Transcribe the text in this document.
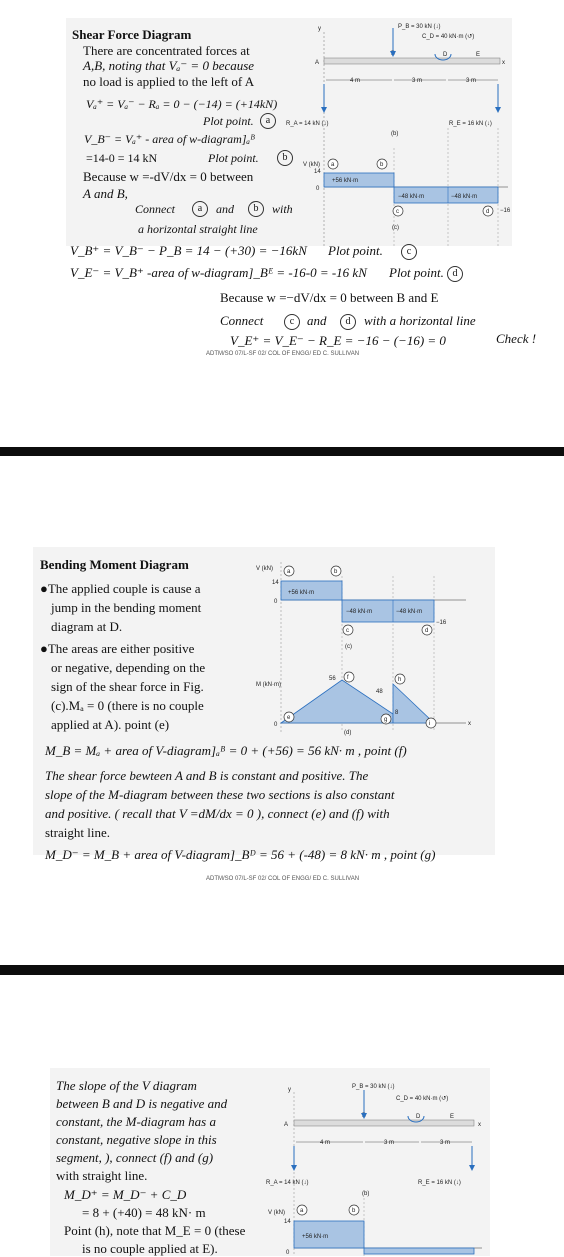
Shear Force Diagram
There are concentrated forces at
A,B, noting that Vₐ⁻ = 0 because
no load is applied to the left of A
Vₐ⁺ = Vₐ⁻ − Rₐ = 0 − (−14) = (+14kN)
Plot point.	a
V_B⁻ = Vₐ⁺ - area of w-diagram]ₐᴮ
=14-0 = 14 kN	Plot point.	b
Because w =-dV/dx = 0 between
A and B,
Connect	a	and	b	with
a horizontal straight line
y
A
D	E
x
P_B = 30 kN (↓)
C_D = 40 kN·m (↺)
4 m	3 m	3 m
R_A = 14 kN (↓)	R_E = 16 kN (↓)
(b)
V (kN)
14
0
+56 kN·m
−48 kN·m	−48 kN·m
−16
a	b
c	d
(c)
V_B⁺ = V_B⁻ − P_B = 14 − (+30) = −16kN Plot point.	c
V_E⁻ = V_B⁺ -area of w-diagram]_Bᴱ = -16-0 = -16 kN Plot point. d
Because w =−dV/dx = 0 between B and E
Connect	c and	d	with a horizontal line
V_E⁺ = V_E⁻ − R_E = −16 − (−16) = 0	Check !
ADTM/SO 07/L-SF 02/ COL OF ENGG/ ED C. SULLIVAN
Bending Moment Diagram
●The applied couple is cause a
jump in the bending moment
diagram at D.
●The areas are either positive
or negative, depending on the
sign of the shear force in Fig.
(c).Mₐ = 0 (there is no couple
applied at A). point (e)
V (kN)
14
0
+56 kN·m
−48 kN·m	−48 kN·m
−16
a	b
c	d
(c)
M (kN·m)
x
0
56
48
8
e
f
g
h
i
(d)
M_B = Mₐ + area of V-diagram]ₐᴮ = 0 + (+56) = 56 kN· m , point (f)
The shear force bewteen A and B is constant and positive. The
slope of the M-diagram between these two sections is also constant
and positive. ( recall that V =dM/dx = 0 ), connect (e) and (f) with
straight line.
M_D⁻ = M_B + area of V-diagram]_Bᴰ = 56 + (-48) = 8 kN· m , point (g)
ADTM/SO 07/L-SF 02/ COL OF ENGG/ ED C. SULLIVAN
The slope of the V diagram
between B and D is negative and
constant, the M-diagram has a
constant, negative slope in this
segment, ), connect (f) and (g)
with straight line.
M_D⁺ = M_D⁻ + C_D
= 8 + (+40) = 48 kN· m
Point (h), note that M_E = 0 (these
is no couple applied at E).
y
A
D	E
x
P_B = 30 kN (↓)
C_D = 40 kN·m (↺)
4 m	3 m	3 m
R_A = 14 kN (↓)	R_E = 16 kN (↓)
(b)
V (kN)
14
0
+56 kN·m
a	b
